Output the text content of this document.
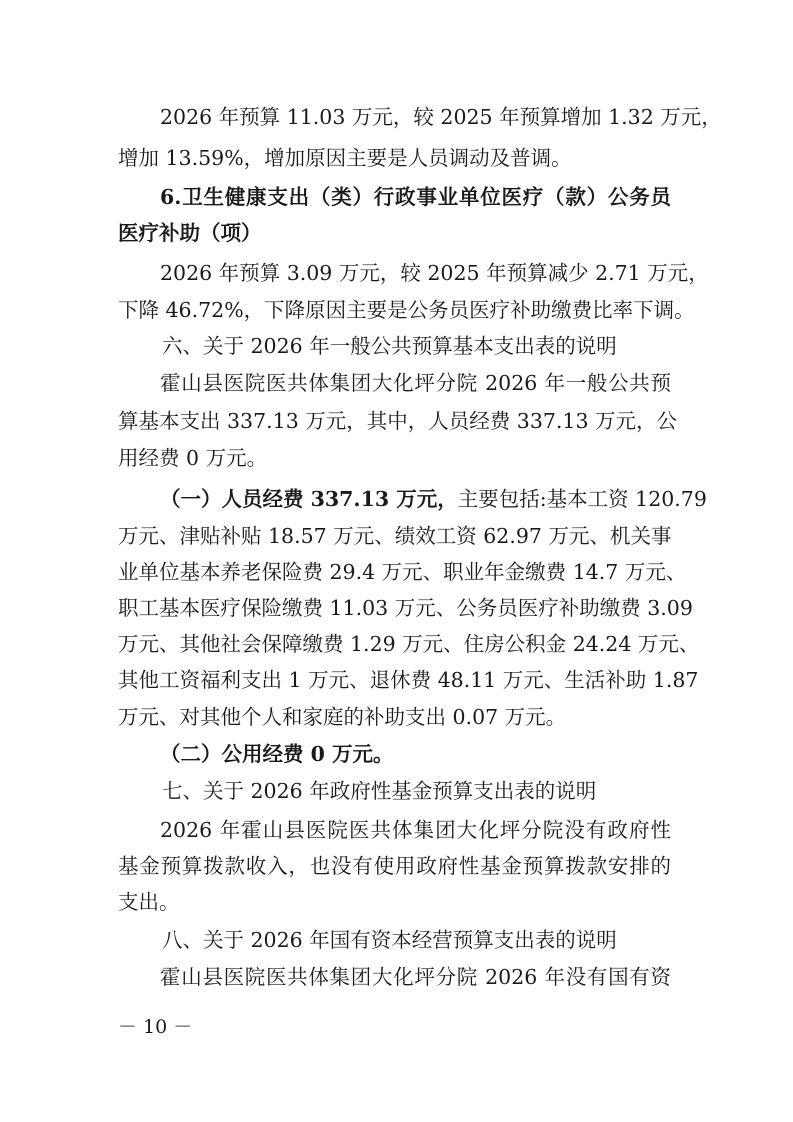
2026 年预算 11.03 万元，较 2025 年预算增加 1.32 万元，
增加 13.59%，增加原因主要是人员调动及普调。
6.卫生健康支出（类）行政事业单位医疗（款）公务员
医疗补助（项）
2026 年预算 3.09 万元，较 2025 年预算减少 2.71 万元，
下降 46.72%，下降原因主要是公务员医疗补助缴费比率下调。
六、关于 2026 年一般公共预算基本支出表的说明
霍山县医院医共体集团大化坪分院 2026 年一般公共预
算基本支出 337.13 万元，其中，人员经费 337.13 万元，公
用经费 0 万元。
（一）人员经费 337.13 万元，主要包括:基本工资 120.79
万元、津贴补贴 18.57 万元、绩效工资 62.97 万元、机关事
业单位基本养老保险费 29.4 万元、职业年金缴费 14.7 万元、
职工基本医疗保险缴费 11.03 万元、公务员医疗补助缴费 3.09
万元、其他社会保障缴费 1.29 万元、住房公积金 24.24 万元、
其他工资福利支出 1 万元、退休费 48.11 万元、生活补助 1.87
万元、对其他个人和家庭的补助支出 0.07 万元。
（二）公用经费 0 万元。
七、关于 2026 年政府性基金预算支出表的说明
2026 年霍山县医院医共体集团大化坪分院没有政府性
基金预算拨款收入，也没有使用政府性基金预算拨款安排的
支出。
八、关于 2026 年国有资本经营预算支出表的说明
霍山县医院医共体集团大化坪分院 2026 年没有国有资
－ 10 －
